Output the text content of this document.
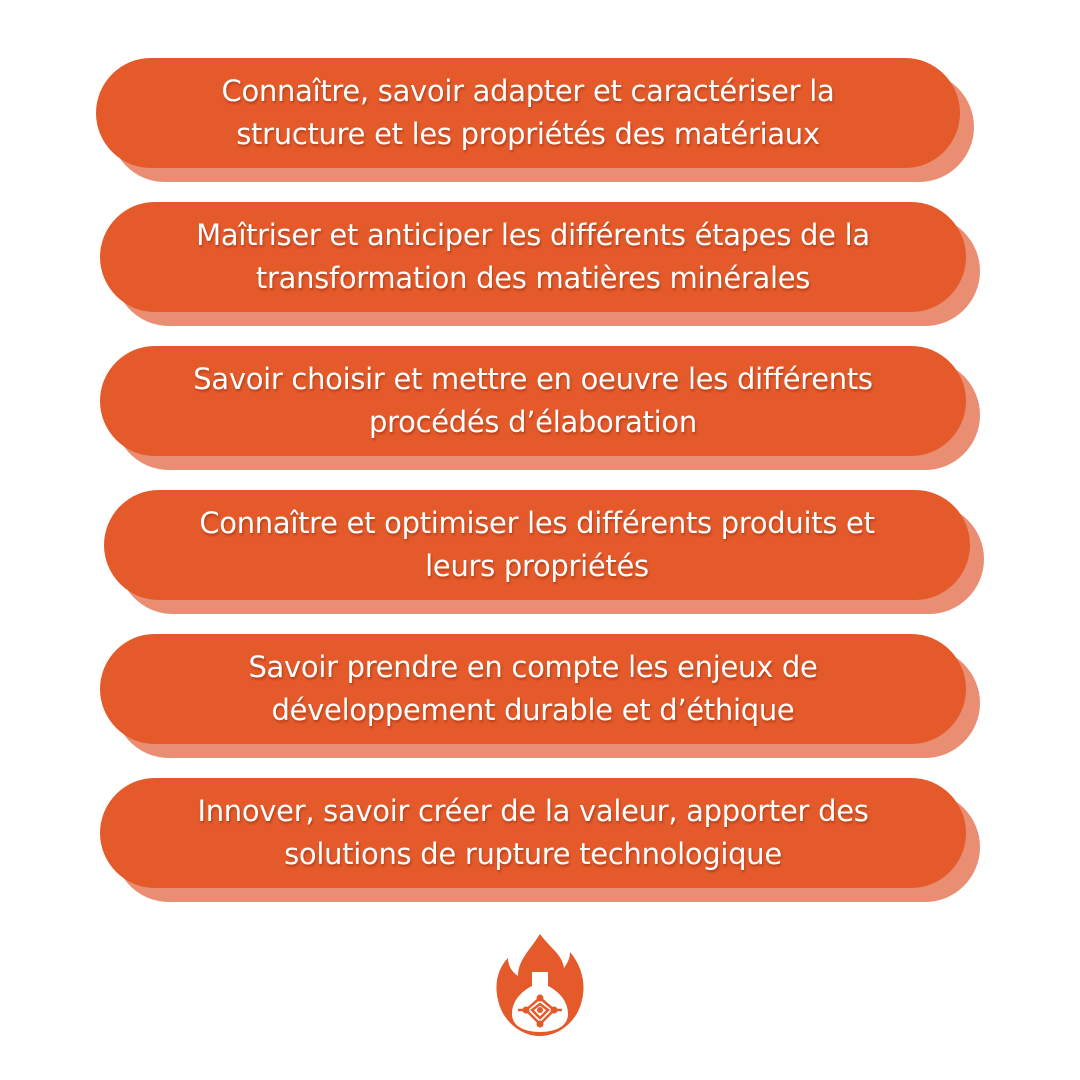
Connaître, savoir adapter et caractériser la
structure et les propriétés des matériaux
Maîtriser et anticiper les différents étapes de la
transformation des matières minérales
Savoir choisir et mettre en oeuvre les différents
procédés d’élaboration
Connaître et optimiser les différents produits et
leurs propriétés
Savoir prendre en compte les enjeux de
développement durable et d’éthique
Innover, savoir créer de la valeur, apporter des
solutions de rupture technologique
